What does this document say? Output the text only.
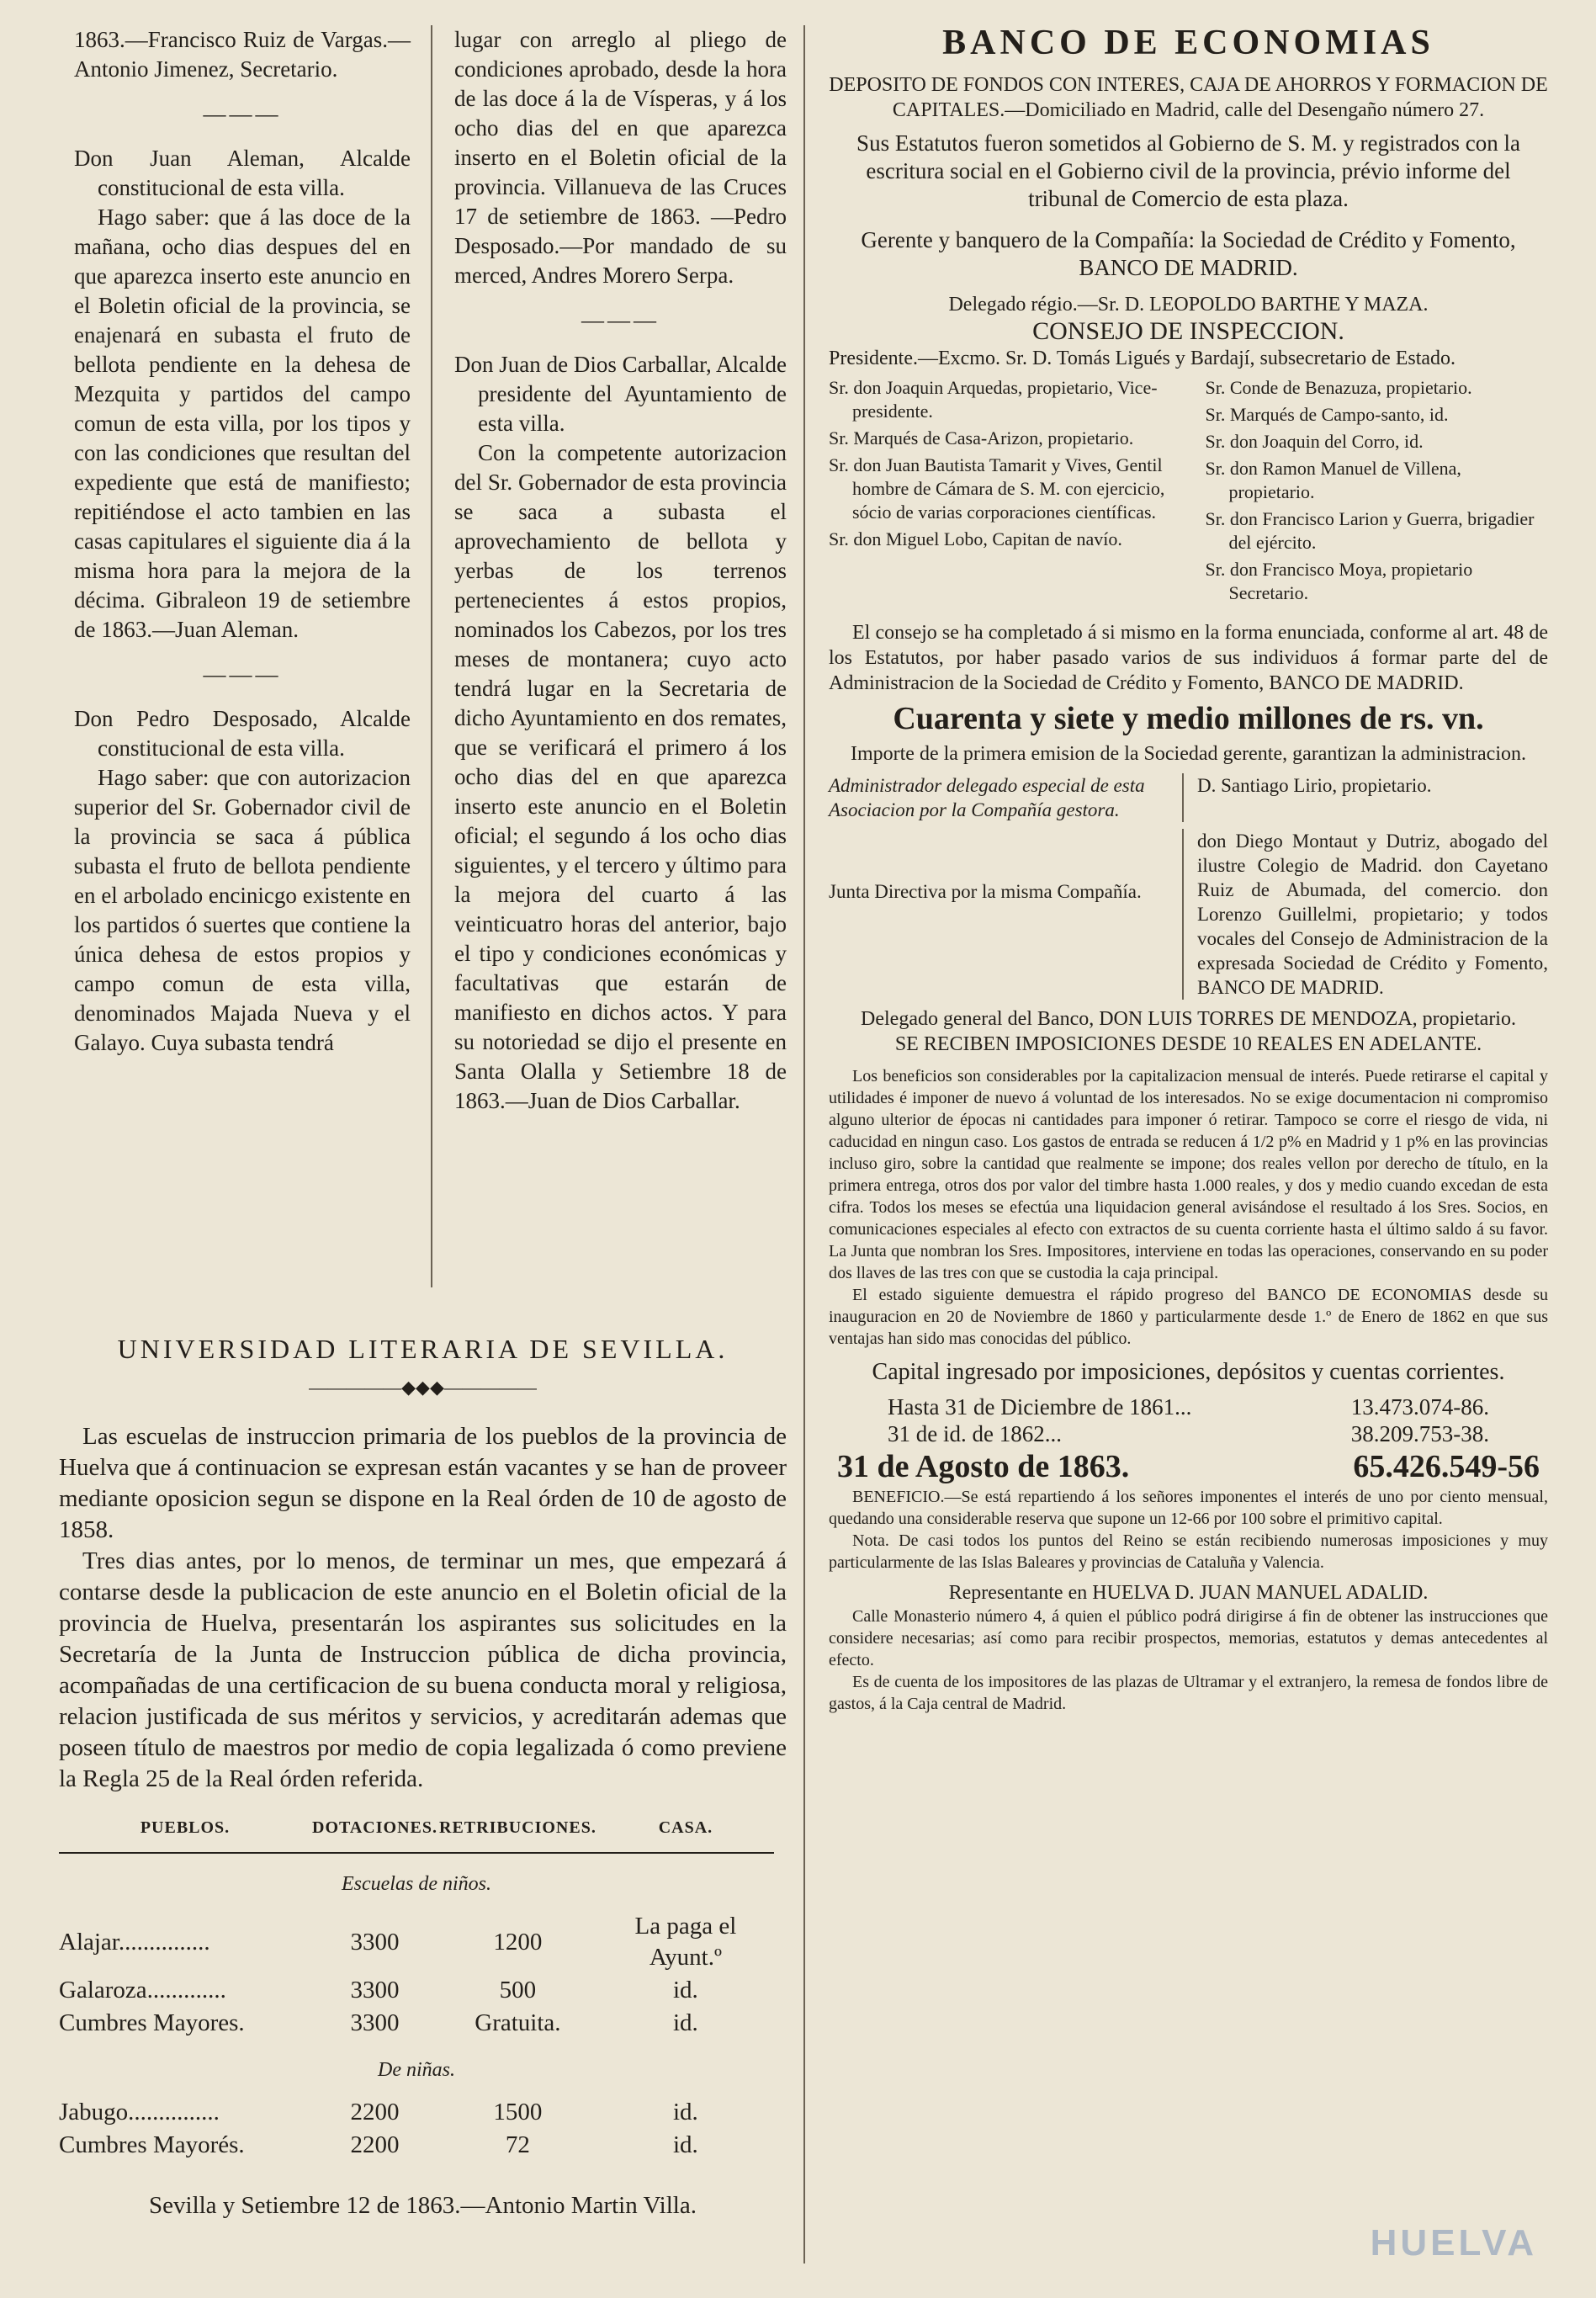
1863.—Francisco Ruiz de Vargas.—Antonio Jimenez, Secretario.

———

Don Juan Aleman, Alcalde constitucional de esta villa.

Hago saber: que á las doce de la mañana, ocho dias despues del en que aparezca inserto este anuncio en el Boletin oficial de la provincia, se enajenará en subasta el fruto de bellota pendiente en la dehesa de Mezquita y partidos del campo comun de esta villa, por los tipos y con las condiciones que resultan del expediente que está de manifiesto; repitiéndose el acto tambien en las casas capitulares el siguiente dia á la misma hora para la mejora de la décima. Gibraleon 19 de setiembre de 1863.—Juan Aleman.

———

Don Pedro Desposado, Alcalde constitucional de esta villa.

Hago saber: que con autorizacion superior del Sr. Gobernador civil de la provincia se saca á pública subasta el fruto de bellota pendiente en el arbolado encinicgo existente en los partidos ó suertes que contiene la única dehesa de estos propios y campo comun de esta villa, denominados Majada Nueva y el Galayo. Cuya subasta tendrá

lugar con arreglo al pliego de condiciones aprobado, desde la hora de las doce á la de Vísperas, y á los ocho dias del en que aparezca inserto en el Boletin oficial de la provincia. Villanueva de las Cruces 17 de setiembre de 1863. —Pedro Desposado.—Por mandado de su merced, Andres Morero Serpa.

———

Don Juan de Dios Carballar, Alcalde presidente del Ayuntamiento de esta villa.

Con la competente autorizacion del Sr. Gobernador de esta provincia se saca a subasta el aprovechamiento de bellota y yerbas de los terrenos pertenecientes á estos propios, nominados los Cabezos, por los tres meses de montanera; cuyo acto tendrá lugar en la Secretaria de dicho Ayuntamiento en dos remates, que se verificará el primero á los ocho dias del en que aparezca inserto este anuncio en el Boletin oficial; el segundo á los ocho dias siguientes, y el tercero y último para la mejora del cuarto á las veinticuatro horas del anterior, bajo el tipo y condiciones económicas y facultativas que estarán de manifiesto en dichos actos. Y para su notoriedad se dijo el presente en Santa Olalla y Setiembre 18 de 1863.—Juan de Dios Carballar.

UNIVERSIDAD LITERARIA DE SEVILLA.

—————◆◆◆—————

Las escuelas de instruccion primaria de los pueblos de la provincia de Huelva que á continuacion se expresan están vacantes y se han de proveer mediante oposicion segun se dispone en la Real órden de 10 de agosto de 1858.

Tres dias antes, por lo menos, de terminar un mes, que empezará á contarse desde la publicacion de este anuncio en el Boletin oficial de la provincia de Huelva, presentarán los aspirantes sus solicitudes en la Secretaría de la Junta de Instruccion pública de dicha provincia, acompañadas de una certificacion de su buena conducta moral y religiosa, relacion justificada de sus méritos y servicios, y acreditarán ademas que poseen título de maestros por medio de copia legalizada ó como previene la Regla 25 de la Real órden referida.

PUEBLOS.	DOTACIONES.	RETRIBUCIONES.	CASA.
Escuelas de niños.			
Alajar...............	3300	1200	La paga el Ayunt.º
Galaroza.............	3300	500	id.
Cumbres Mayores.	3300	Gratuita.	id.
De niñas.			
Jabugo...............	2200	1500	id.
Cumbres Mayorés.	2200	72	id.

Sevilla y Setiembre 12 de 1863.—Antonio Martin Villa.

BANCO DE ECONOMIAS

DEPOSITO DE FONDOS CON INTERES, CAJA DE AHORROS Y FORMACION DE CAPITALES.—Domiciliado en Madrid, calle del Desengaño número 27.

Sus Estatutos fueron sometidos al Gobierno de S. M. y registrados con la escritura social en el Gobierno civil de la provincia, prévio informe del tribunal de Comercio de esta plaza.

Gerente y banquero de la Compañía: la Sociedad de Crédito y Fomento, BANCO DE MADRID.

Delegado régio.—Sr. D. LEOPOLDO BARTHE Y MAZA.

CONSEJO DE INSPECCION.

Presidente.—Excmo. Sr. D. Tomás Ligués y Bardají, subsecretario de Estado.

Sr. don Joaquin Arquedas, propietario, Vice-presidente.

Sr. Marqués de Casa-Arizon, propietario.

Sr. don Juan Bautista Tamarit y Vives, Gentil hombre de Cámara de S. M. con ejercicio, sócio de varias corporaciones científicas.

Sr. don Miguel Lobo, Capitan de navío.

Sr. Conde de Benazuza, propietario.

Sr. Marqués de Campo-santo, id.

Sr. don Joaquin del Corro, id.

Sr. don Ramon Manuel de Villena, propietario.

Sr. don Francisco Larion y Guerra, brigadier del ejército.

Sr. don Francisco Moya, propietario Secretario.

El consejo se ha completado á si mismo en la forma enunciada, conforme al art. 48 de los Estatutos, por haber pasado varios de sus individuos á formar parte del de Administracion de la Sociedad de Crédito y Fomento, BANCO DE MADRID.

Cuarenta y siete y medio millones de rs. vn.

Importe de la primera emision de la Sociedad gerente, garantizan la administracion.

Administrador delegado especial de esta Asociacion por la Compañía gestora.

D. Santiago Lirio, propietario.

Junta Directiva por la misma Compañía.

don Diego Montaut y Dutriz, abogado del ilustre Colegio de Madrid. don Cayetano Ruiz de Abumada, del comercio. don Lorenzo Guillelmi, propietario; y todos vocales del Consejo de Administracion de la expresada Sociedad de Crédito y Fomento, BANCO DE MADRID.

Delegado general del Banco, DON LUIS TORRES DE MENDOZA, propietario.

SE RECIBEN IMPOSICIONES DESDE 10 REALES EN ADELANTE.

Los beneficios son considerables por la capitalizacion mensual de interés. Puede retirarse el capital y utilidades é imponer de nuevo á voluntad de los interesados. No se exige documentacion ni compromiso alguno ulterior de épocas ni cantidades para imponer ó retirar. Tampoco se corre el riesgo de vida, ni caducidad en ningun caso. Los gastos de entrada se reducen á 1/2 p% en Madrid y 1 p% en las provincias incluso giro, sobre la cantidad que realmente se impone; dos reales vellon por derecho de título, en la primera entrega, otros dos por valor del timbre hasta 1.000 reales, y dos y medio cuando excedan de esta cifra. Todos los meses se efectúa una liquidacion general avisándose el resultado á los Sres. Socios, en comunicaciones especiales al efecto con extractos de su cuenta corriente hasta el último saldo á su favor. La Junta que nombran los Sres. Impositores, interviene en todas las operaciones, conservando en su poder dos llaves de las tres con que se custodia la caja principal.

El estado siguiente demuestra el rápido progreso del BANCO DE ECONOMIAS desde su inauguracion en 20 de Noviembre de 1860 y particularmente desde 1.º de Enero de 1862 en que sus ventajas han sido mas conocidas del público.

Capital ingresado por imposiciones, depósitos y cuentas corrientes.

Hasta 31 de Diciembre de 1861...	13.473.074-86.
31 de id. de 1862...	38.209.753-38.
31 de Agosto de 1863.	65.426.549-56

BENEFICIO.—Se está repartiendo á los señores imponentes el interés de uno por ciento mensual, quedando una considerable reserva que supone un 12-66 por 100 sobre el primitivo capital.

Nota. De casi todos los puntos del Reino se están recibiendo numerosas imposiciones y muy particularmente de las Islas Baleares y provincias de Cataluña y Valencia.

Representante en HUELVA D. JUAN MANUEL ADALID.

Calle Monasterio número 4, á quien el público podrá dirigirse á fin de obtener las instrucciones que considere necesarias; así como para recibir prospectos, memorias, estatutos y demas antecedentes al efecto.

Es de cuenta de los impositores de las plazas de Ultramar y el extranjero, la remesa de fondos libre de gastos, á la Caja central de Madrid.

HUELVA
